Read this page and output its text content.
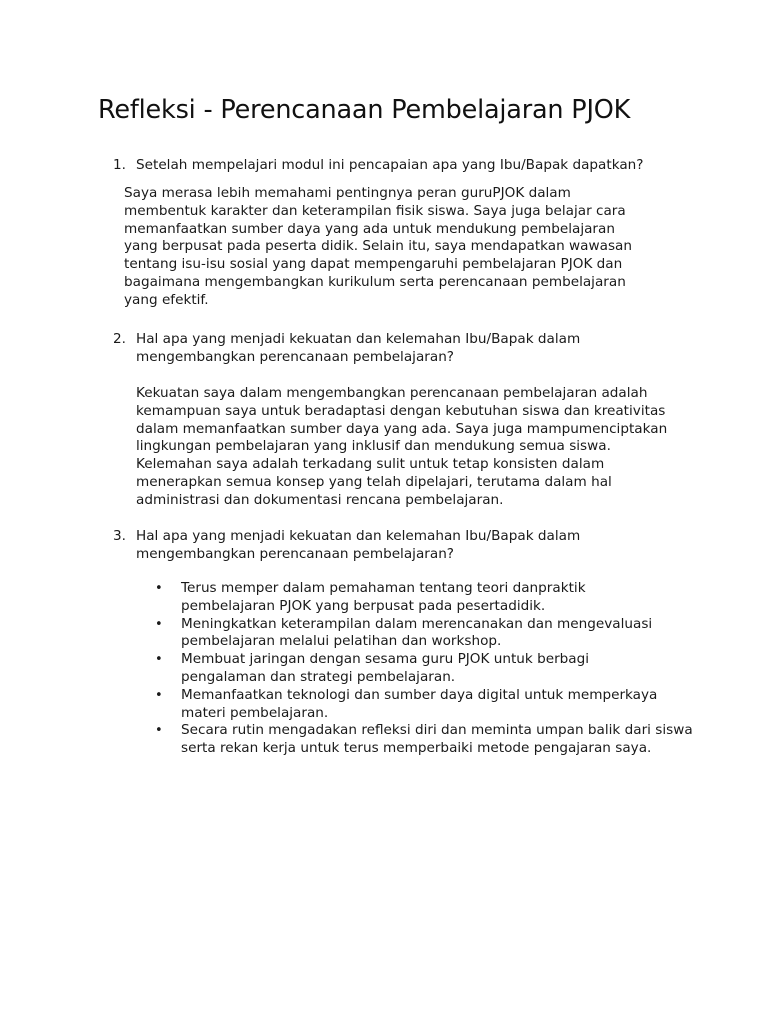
Refleksi - Perencanaan Pembelajaran PJOK
1. Setelah mempelajari modul ini pencapaian apa yang Ibu/Bapak dapatkan?
Saya merasa lebih memahami pentingnya peran guruPJOK dalam membentuk karakter dan keterampilan fisik siswa. Saya juga belajar cara memanfaatkan sumber daya yang ada untuk mendukung pembelajaran yang berpusat pada peserta didik. Selain itu, saya mendapatkan wawasan tentang isu-isu sosial yang dapat mempengaruhi pembelajaran PJOK dan bagaimana mengembangkan kurikulum serta perencanaan pembelajaran yang efektif.
2. Hal apa yang menjadi kekuatan dan kelemahan Ibu/Bapak dalam mengembangkan perencanaan pembelajaran?
Kekuatan saya dalam mengembangkan perencanaan pembelajaran adalah kemampuan saya untuk beradaptasi dengan kebutuhan siswa dan kreativitas dalam memanfaatkan sumber daya yang ada. Saya juga mampumenciptakan lingkungan pembelajaran yang inklusif dan mendukung semua siswa. Kelemahan saya adalah terkadang sulit untuk tetap konsisten dalam menerapkan semua konsep yang telah dipelajari, terutama dalam hal administrasi dan dokumentasi rencana pembelajaran.
3. Hal apa yang menjadi kekuatan dan kelemahan Ibu/Bapak dalam mengembangkan perencanaan pembelajaran?
• Terus memper dalam pemahaman tentang teori danpraktik pembelajaran PJOK yang berpusat pada pesertadidik.
• Meningkatkan keterampilan dalam merencanakan dan mengevaluasi pembelajaran melalui pelatihan dan workshop.
• Membuat jaringan dengan sesama guru PJOK untuk berbagi pengalaman dan strategi pembelajaran.
• Memanfaatkan teknologi dan sumber daya digital untuk memperkaya materi pembelajaran.
• Secara rutin mengadakan refleksi diri dan meminta umpan balik dari siswa serta rekan kerja untuk terus memperbaiki metode pengajaran saya.
